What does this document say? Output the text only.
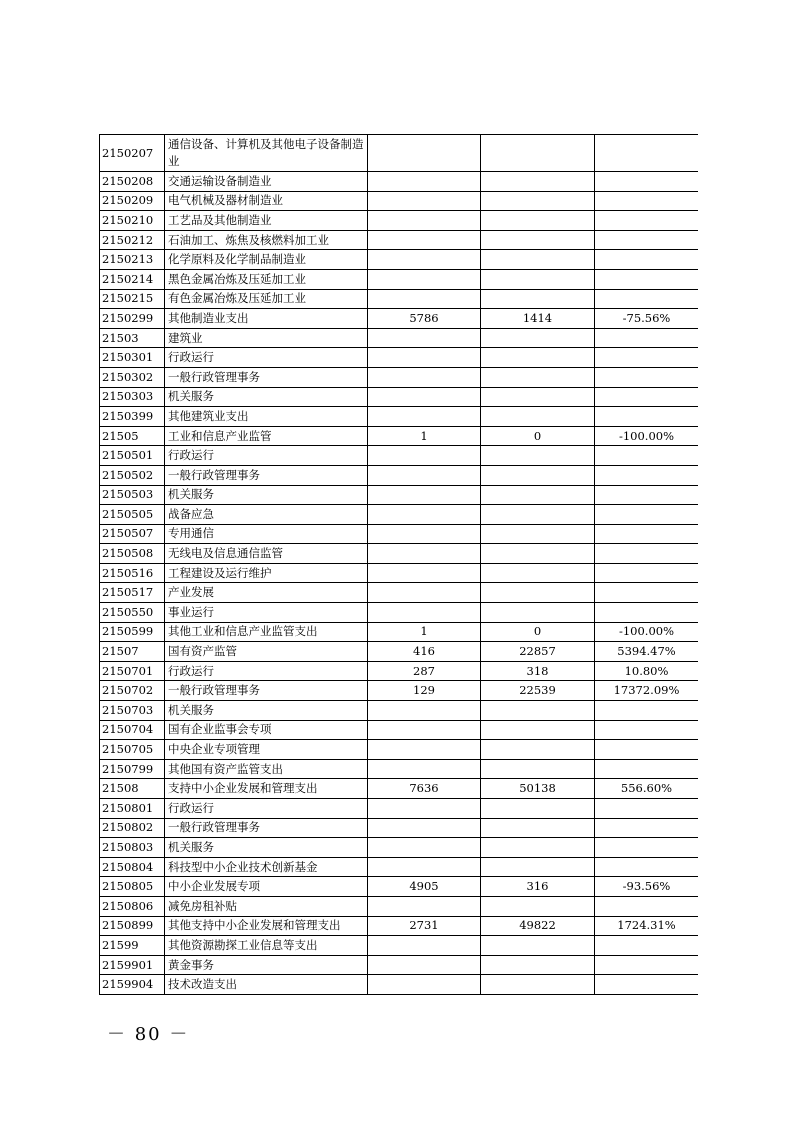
2150207	通信设备、计算机及其他电子设备制造业			
2150208	交通运输设备制造业			
2150209	电气机械及器材制造业			
2150210	工艺品及其他制造业			
2150212	石油加工、炼焦及核燃料加工业			
2150213	化学原料及化学制品制造业			
2150214	黑色金属冶炼及压延加工业			
2150215	有色金属冶炼及压延加工业			
2150299	其他制造业支出	5786	1414	-75.56%
21503	建筑业			
2150301	行政运行			
2150302	一般行政管理事务			
2150303	机关服务			
2150399	其他建筑业支出			
21505	工业和信息产业监管	1	0	-100.00%
2150501	行政运行			
2150502	一般行政管理事务			
2150503	机关服务			
2150505	战备应急			
2150507	专用通信			
2150508	无线电及信息通信监管			
2150516	工程建设及运行维护			
2150517	产业发展			
2150550	事业运行			
2150599	其他工业和信息产业监管支出	1	0	-100.00%
21507	国有资产监管	416	22857	5394.47%
2150701	行政运行	287	318	10.80%
2150702	一般行政管理事务	129	22539	17372.09%
2150703	机关服务			
2150704	国有企业监事会专项			
2150705	中央企业专项管理			
2150799	其他国有资产监管支出			
21508	支持中小企业发展和管理支出	7636	50138	556.60%
2150801	行政运行			
2150802	一般行政管理事务			
2150803	机关服务			
2150804	科技型中小企业技术创新基金			
2150805	中小企业发展专项	4905	316	-93.56%
2150806	减免房租补贴			
2150899	其他支持中小企业发展和管理支出	2731	49822	1724.31%
21599	其他资源勘探工业信息等支出			
2159901	黄金事务			
2159904	技术改造支出			
－ 80 －
